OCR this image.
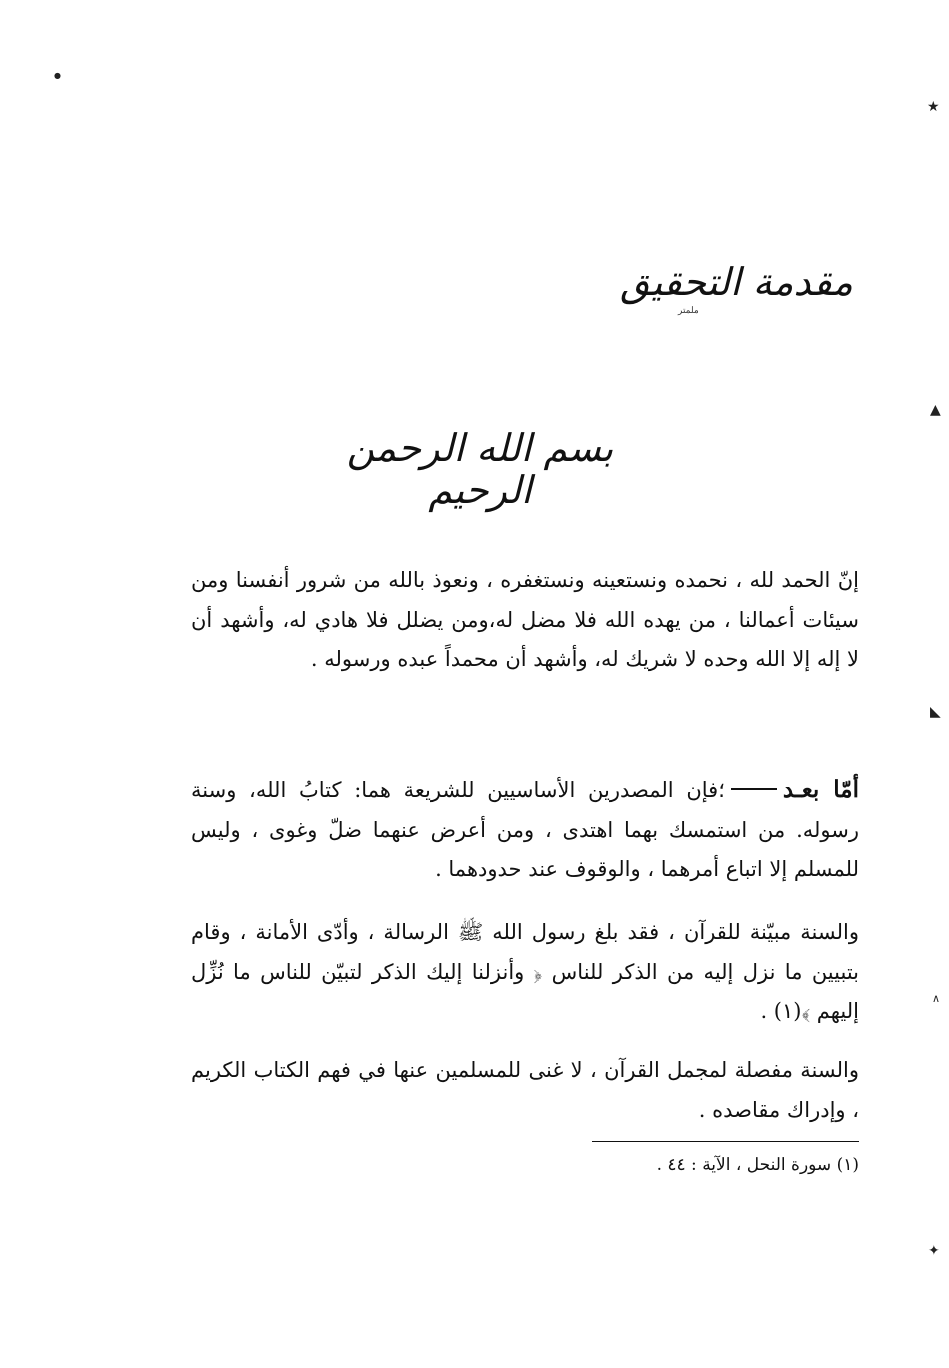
●
★
▲
◣
∧
✦
مقدمة التحقيق
ملمتر
بسم الله الرحمن الرحيم

إنّ الحمد لله ، نحمده ونستعينه ونستغفره ، ونعوذ بالله من شرور أنفسنا ومن سيئات أعمالنا ، من يهده الله فلا مضل له،ومن يضلل فلا هادي له، وأشهد أن لا إله إلا الله وحده لا شريك له، وأشهد أن محمداً عبده ورسوله .

أمّا بعـد؛فإن المصدرين الأساسيين للشريعة هما: كتابُ الله، وسنة رسوله. من استمسك بهما اهتدى ، ومن أعرض عنهما ضلّ وغوى ، وليس للمسلم إلا اتباع أمرهما ، والوقوف عند حدودهما .

والسنة مبيّنة للقرآن ، فقد بلغ رسول الله ﷺ الرسالة ، وأدّى الأمانة ، وقام بتبيين ما نزل إليه من الذكر للناس ﴿ وأنزلنا إليك الذكر لتبيّن للناس ما نُزِّل إليهم ﴾(١) .

والسنة مفصلة لمجمل القرآن ، لا غنى للمسلمين عنها في فهم الكتاب الكريم ، وإدراك مقاصده .

(١) سورة النحل ، الآية : ٤٤ .
